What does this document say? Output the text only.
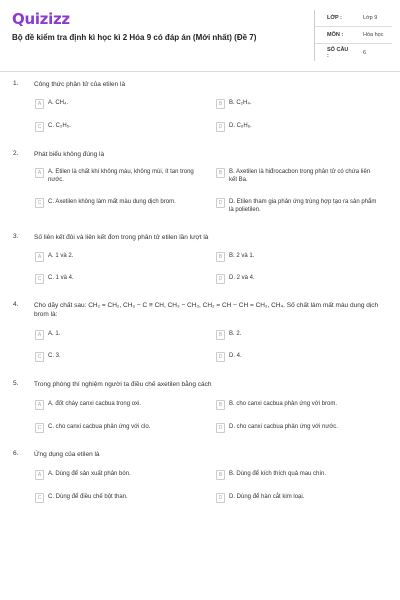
Quizizz
Bộ đề kiểm tra định kì học kì 2 Hóa 9 có đáp án (Mới nhất) (Đề 7)
LỚP :	Lớp 9
MÔN :	Hóa học
SỐ CÂU :	6
1. Công thức phân tử của etilen là
A	A. CH₄.	B	B. C₂H₄.
C	C. C₂H₅.	D	D. C₆H₆.
2. Phát biểu không đúng là
A	A. Etilen là chất khí không màu, không mùi, ít tan trong nước.
B	B. Axetilen là hiđrocacbon trong phân tử có chứa liên kết Ba.
C	C. Axetilen không làm mất màu dung dịch brom.	D	D. Etilen tham gia phản ứng trùng hợp tạo ra sản phẩm là polietilen.
3. Số liên kết đôi và liên kết đơn trong phân tử etilen lần lượt là
A	A. 1 và 2.	B	B. 2 và 1.
C	C. 1 và 4.	D	D. 2 và 4.
4. Cho dãy chất sau: CH₂ = CH₂, CH₃ − C ≡ CH, CH₃ − CH₃, CH₂ = CH − CH = CH₂, CH₄. Số chất làm mất màu dung dịch brom là:
A	A. 1.	B	B. 2.
C	C. 3.	D	D. 4.
5. Trong phòng thí nghiệm người ta điều chế axetilen bằng cách
A	A. đốt cháy canxi cacbua trong oxi.	B	B. cho canxi cacbua phản ứng với brom.
C	C. cho canxi cacbua phản ứng với clo.	D	D. cho canxi cacbua phản ứng với nước.
6. Ứng dụng của etilen là
A	A. Dùng để sản xuất phân bón.	B	B. Dùng để kích thích quả mau chín.
C	C. Dùng để điều chế bột than.	D	D. Dùng để hàn cắt kim loại.
